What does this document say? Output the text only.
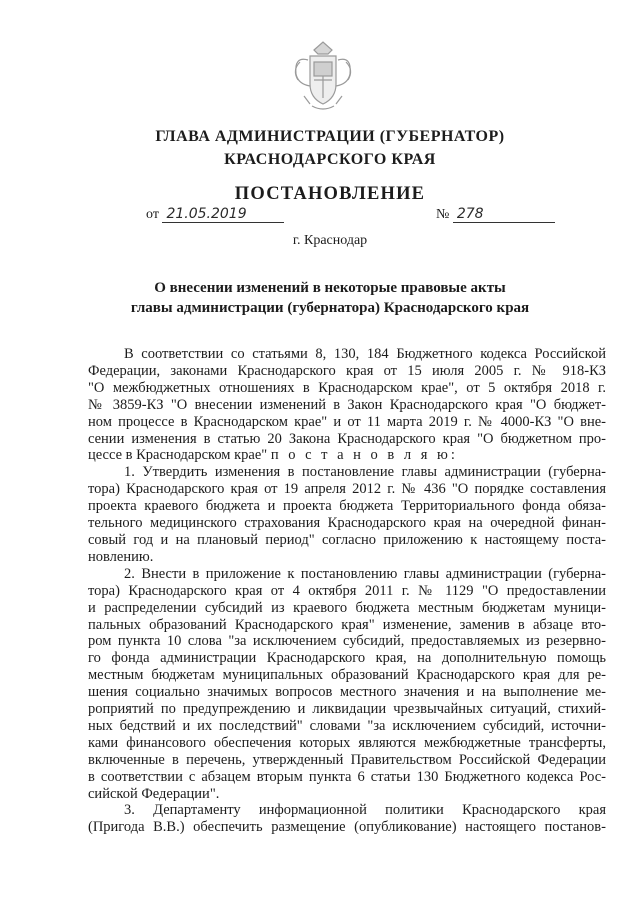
ГЛАВА АДМИНИСТРАЦИИ (ГУБЕРНАТОР)
КРАСНОДАРСКОГО КРАЯ
ПОСТАНОВЛЕНИЕ
от 21.05.2019	№ 278
г. Краснодар
О внесении изменений в некоторые правовые акты
главы администрации (губернатора) Краснодарского края
В соответствии со статьями 8, 130, 184 Бюджетного кодекса Российской
Федерации, законами Краснодарского края от 15 июля 2005 г. № 918-КЗ
"О межбюджетных отношениях в Краснодарском крае", от 5 октября 2018 г.
№ 3859-КЗ "О внесении изменений в Закон Краснодарского края "О бюджет-
ном процессе в Краснодарском крае" и от 11 марта 2019 г. № 4000-КЗ "О вне-
сении изменения в статью 20 Закона Краснодарского края "О бюджетном про-
цессе в Краснодарском крае" п о с т а н о в л я ю:
1. Утвердить изменения в постановление главы администрации (губерна-
тора) Краснодарского края от 19 апреля 2012 г. № 436 "О порядке составления
проекта краевого бюджета и проекта бюджета Территориального фонда обяза-
тельного медицинского страхования Краснодарского края на очередной финан-
совый год и на плановый период" согласно приложению к настоящему поста-
новлению.
2. Внести в приложение к постановлению главы администрации (губерна-
тора) Краснодарского края от 4 октября 2011 г. № 1129 "О предоставлении
и распределении субсидий из краевого бюджета местным бюджетам муници-
пальных образований Краснодарского края" изменение, заменив в абзаце вто-
ром пункта 10 слова "за исключением субсидий, предоставляемых из резервно-
го фонда администрации Краснодарского края, на дополнительную помощь
местным бюджетам муниципальных образований Краснодарского края для ре-
шения социально значимых вопросов местного значения и на выполнение ме-
роприятий по предупреждению и ликвидации чрезвычайных ситуаций, стихий-
ных бедствий и их последствий" словами "за исключением субсидий, источни-
ками финансового обеспечения которых являются межбюджетные трансферты,
включенные в перечень, утвержденный Правительством Российской Федерации
в соответствии с абзацем вторым пункта 6 статьи 130 Бюджетного кодекса Рос-
сийской Федерации".
3. Департаменту информационной политики Краснодарского края
(Пригода В.В.) обеспечить размещение (опубликование) настоящего постанов-
